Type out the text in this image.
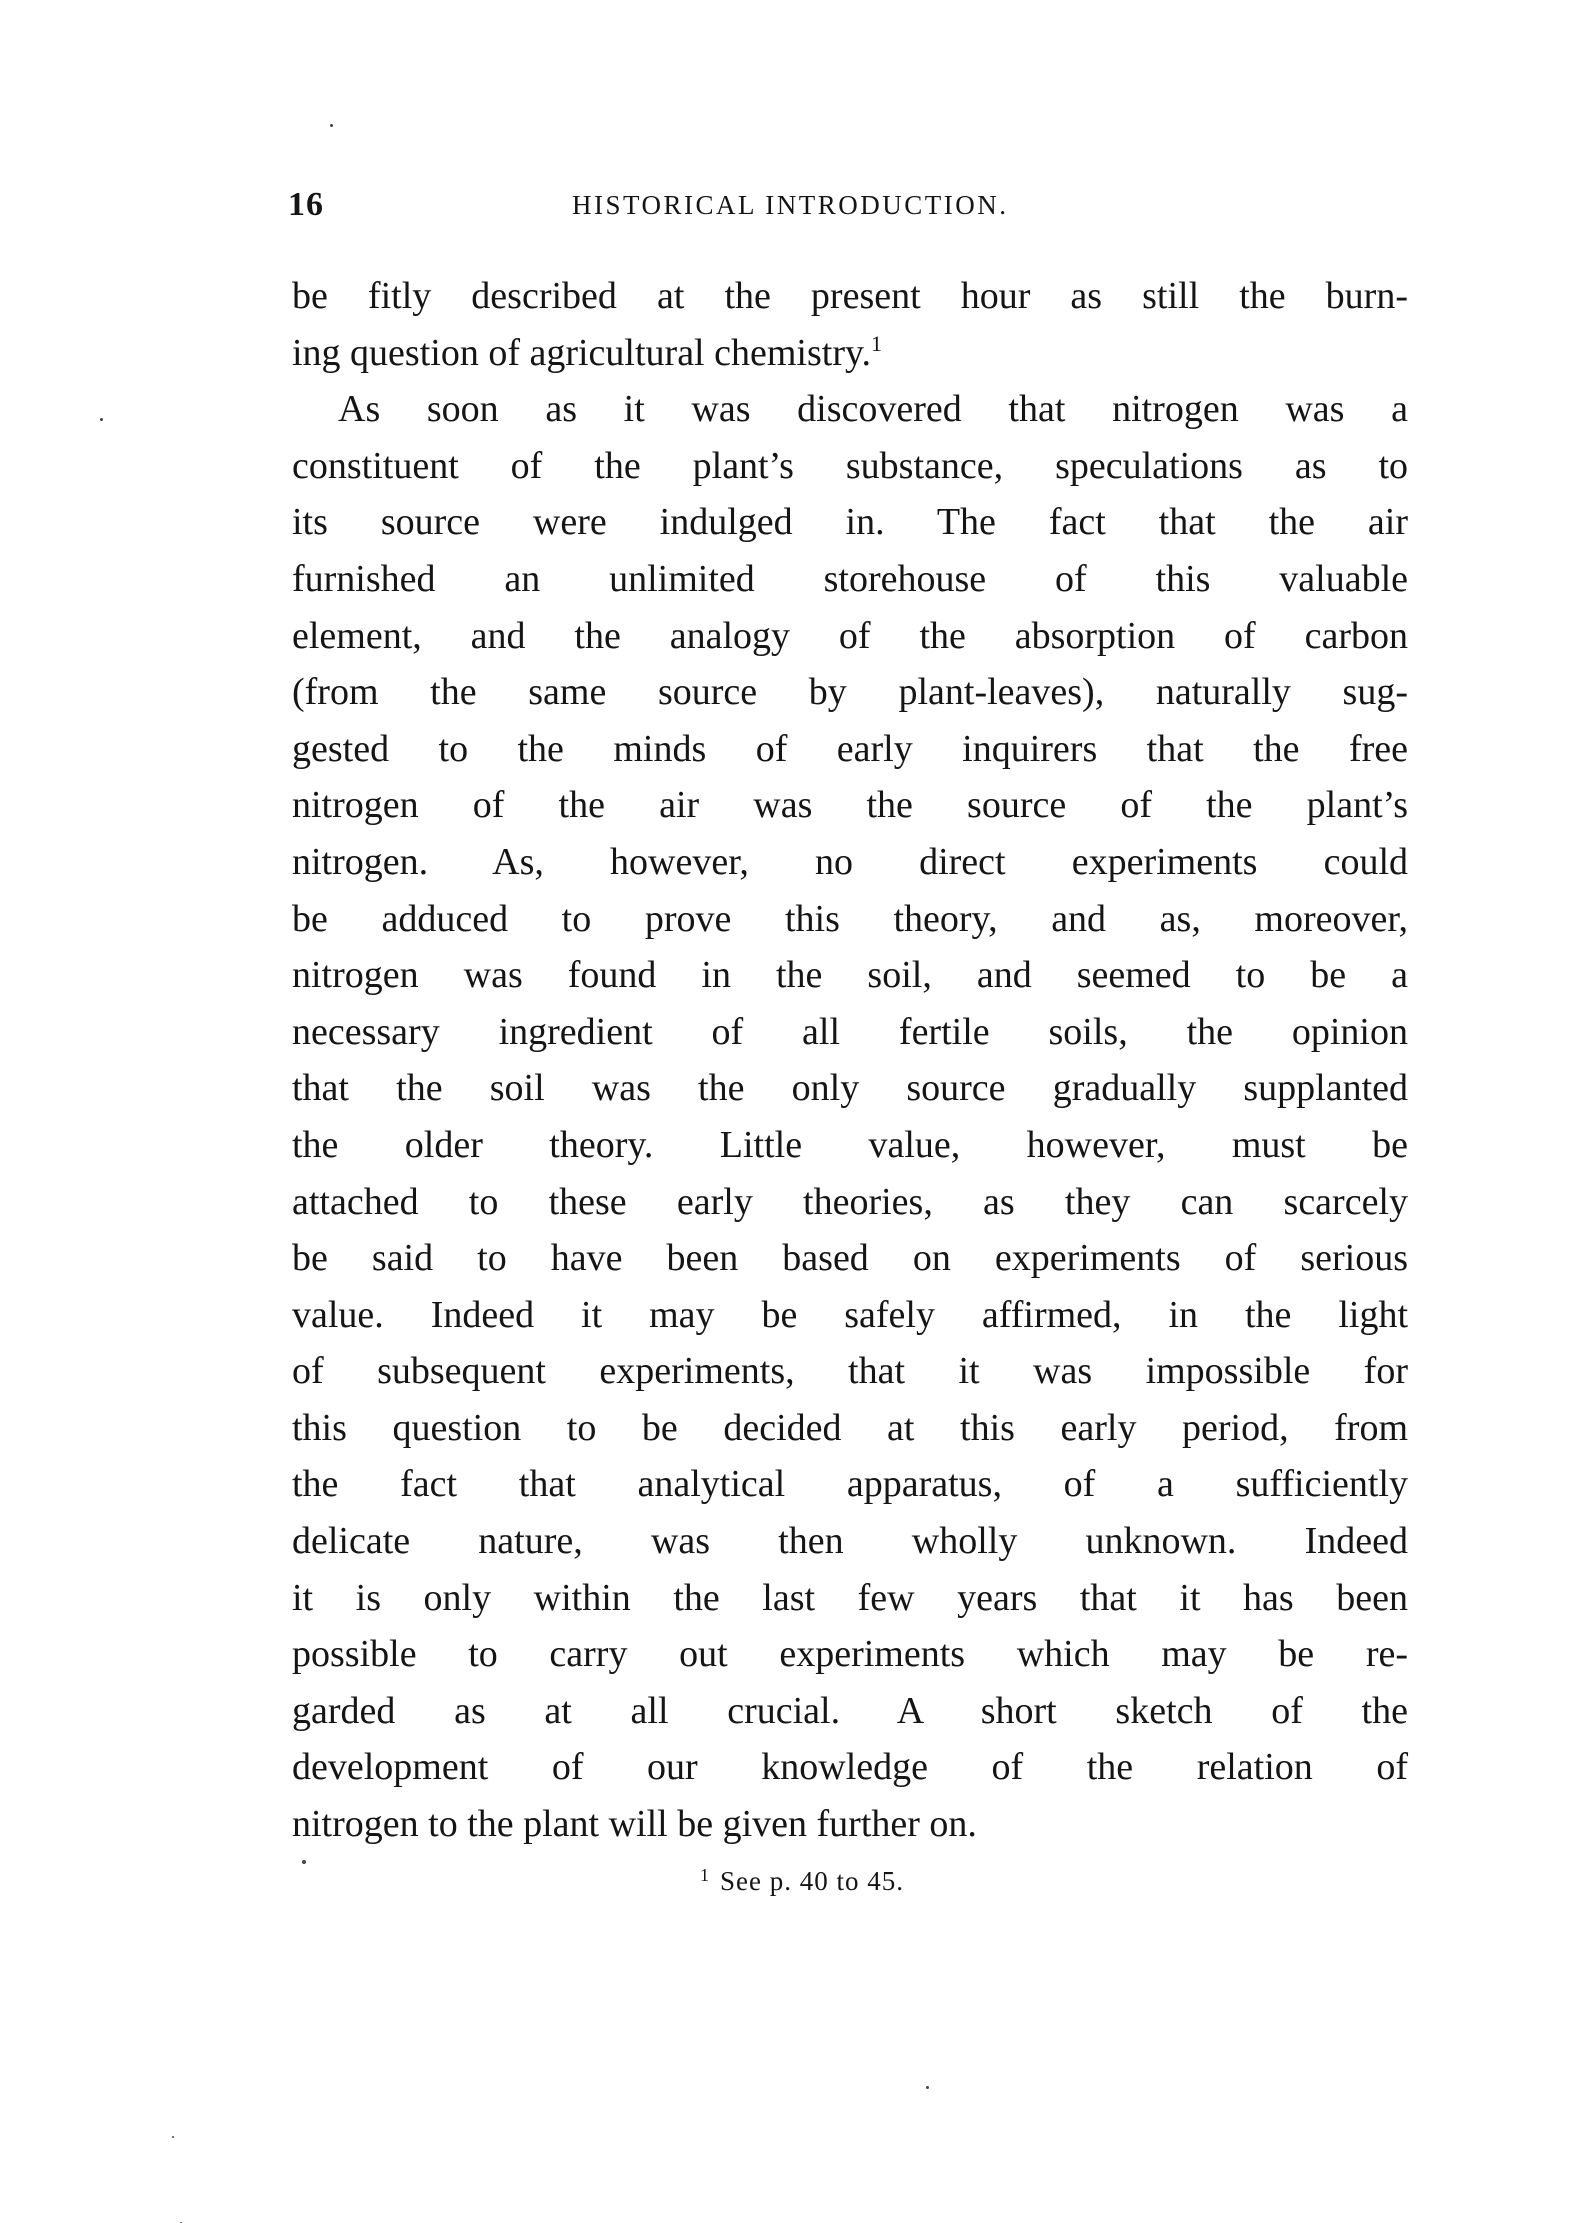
16	HISTORICAL INTRODUCTION.
be fitly described at the present hour as still the burn-
ing question of agricultural chemistry.$^1$
As soon as it was discovered that nitrogen was a
constituent of the plant’s substance, speculations as to
its source were indulged in. The fact that the air
furnished an unlimited storehouse of this valuable
element, and the analogy of the absorption of carbon
(from the same source by plant-leaves), naturally sug-
gested to the minds of early inquirers that the free
nitrogen of the air was the source of the plant’s
nitrogen. As, however, no direct experiments could
be adduced to prove this theory, and as, moreover,
nitrogen was found in the soil, and seemed to be a
necessary ingredient of all fertile soils, the opinion
that the soil was the only source gradually supplanted
the older theory. Little value, however, must be
attached to these early theories, as they can scarcely
be said to have been based on experiments of serious
value. Indeed it may be safely affirmed, in the light
of subsequent experiments, that it was impossible for
this question to be decided at this early period, from
the fact that analytical apparatus, of a sufficiently
delicate nature, was then wholly unknown. Indeed
it is only within the last few years that it has been
possible to carry out experiments which may be re-
garded as at all crucial. A short sketch of the
development of our knowledge of the relation of
nitrogen to the plant will be given further on.
$^1$ See p. 40 to 45.
